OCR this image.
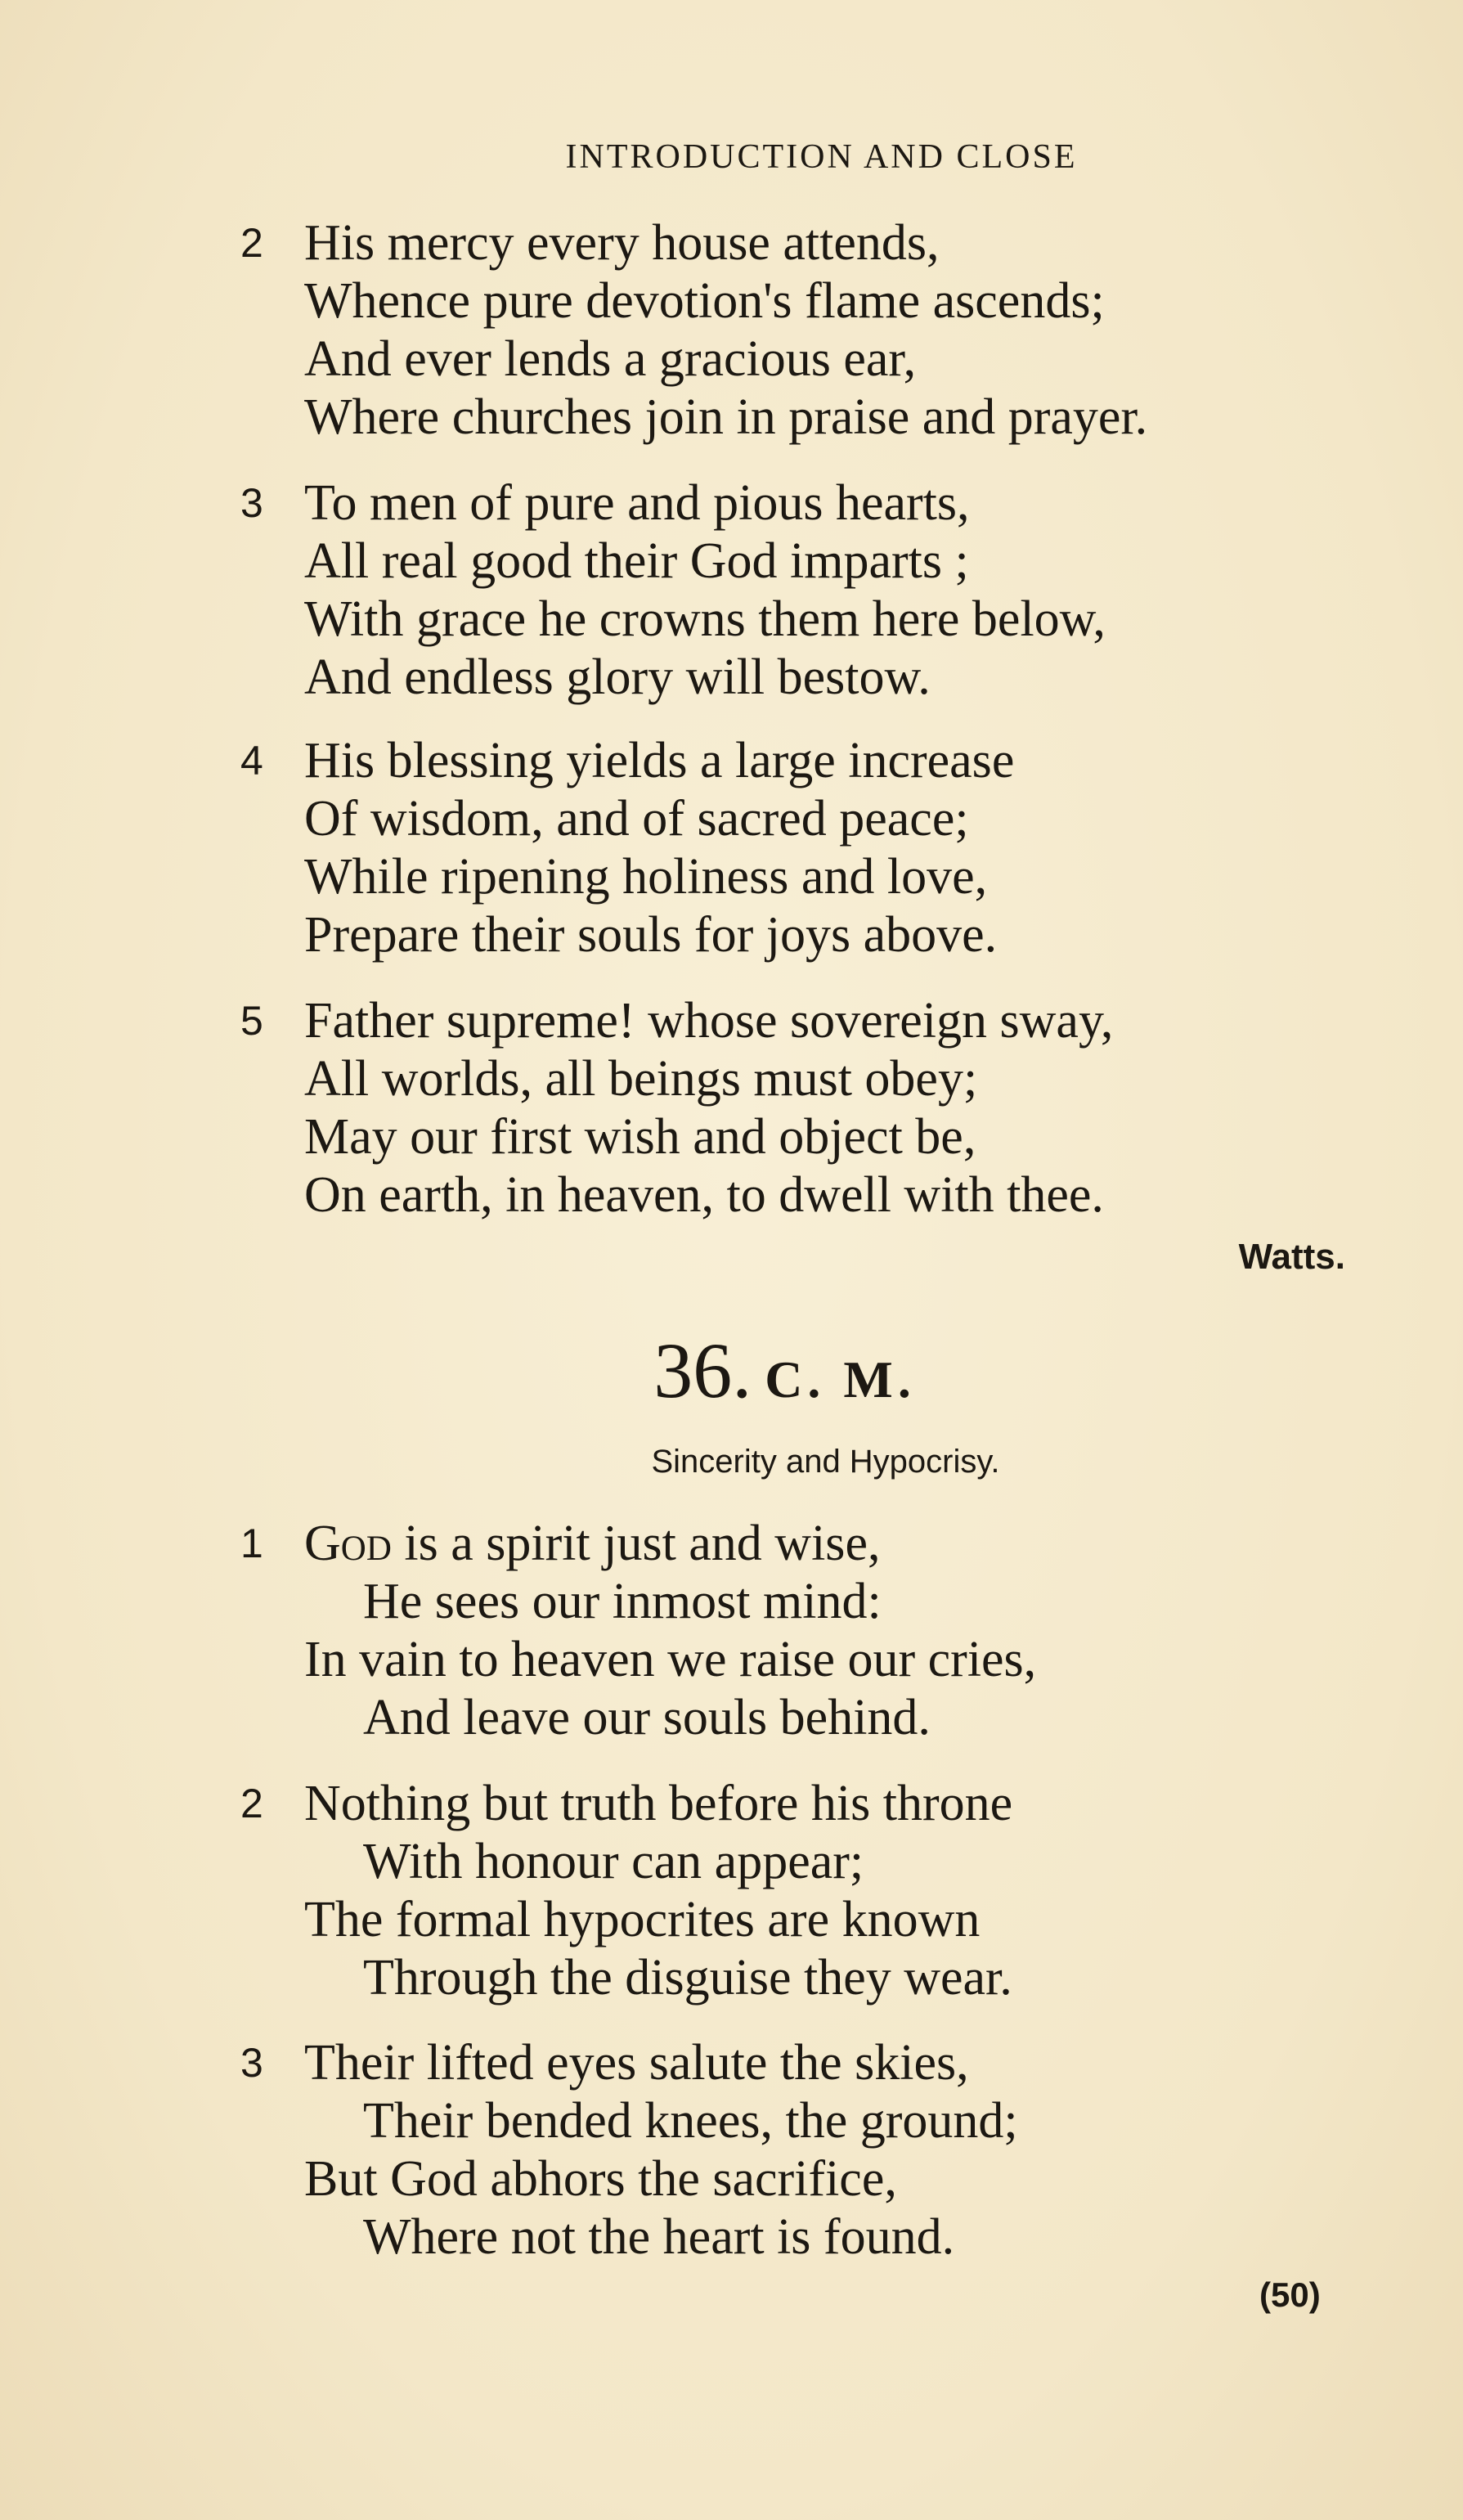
INTRODUCTION AND CLOSE
2 His mercy every house attends,
Whence pure devotion's flame ascends;
And ever lends a gracious ear,
Where churches join in praise and prayer.
3 To men of pure and pious hearts,
All real good their God imparts ;
With grace he crowns them here below,
And endless glory will bestow.
4 His blessing yields a large increase
Of wisdom, and of sacred peace;
While ripening holiness and love,
Prepare their souls for joys above.
5 Father supreme! whose sovereign sway,
All worlds, all beings must obey;
May our first wish and object be,
On earth, in heaven, to dwell with thee.
Watts.
36. C. M.
Sincerity and Hypocrisy.
1 God is a spirit just and wise,
He sees our inmost mind:
In vain to heaven we raise our cries,
And leave our souls behind.
2 Nothing but truth before his throne
With honour can appear;
The formal hypocrites are known
Through the disguise they wear.
3 Their lifted eyes salute the skies,
Their bended knees, the ground;
But God abhors the sacrifice,
Where not the heart is found.
(50)
